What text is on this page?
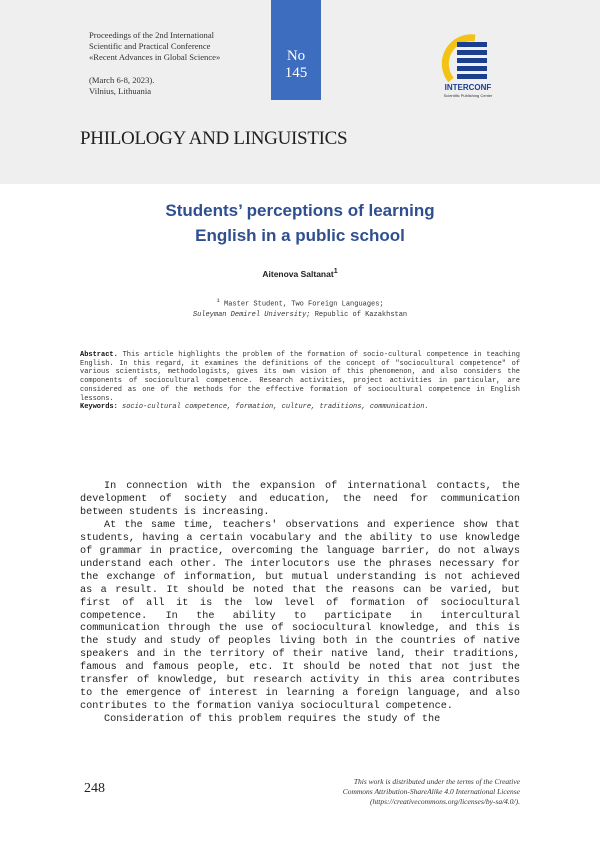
Proceedings of the 2nd International
Scientific and Practical Conference
«Recent Advances in Global Science»
(March 6-8, 2023).
Vilnius, Lithuania
No
145
INTERCONF
Scientific Publishing Center
PHILOLOGY AND LINGUISTICS
Students’ perceptions of learning
English in a public school
Aitenova Saltanat$^1$
$^1$ Master Student, Two Foreign Languages;
Suleyman Demirel University; Republic of Kazakhstan
Abstract. This article highlights the problem of the formation of socio-cultural competence in teaching English. In this regard, it examines the definitions of the concept of "sociocultural competence" of various scientists, methodologists, gives its own vision of this phenomenon, and also considers the components of sociocultural competence. Research activities, project activities in particular, are considered as one of the methods for the effective formation of sociocultural competence in English lessons.
Keywords: socio-cultural competence, formation, culture, traditions, communication.

In connection with the expansion of international contacts, the development of society and education, the need for communication between students is increasing.

At the same time, teachers' observations and experience show that students, having a certain vocabulary and the ability to use knowledge of grammar in practice, overcoming the language barrier, do not always understand each other. The interlocutors use the phrases necessary for the exchange of information, but mutual understanding is not achieved as a result. It should be noted that the reasons can be varied, but first of all it is the low level of formation of sociocultural competence. In the ability to participate in intercultural communication through the use of sociocultural knowledge, and this is the study and study of peoples living both in the countries of native speakers and in the territory of their native land, their traditions, famous and famous people, etc. It should be noted that not just the transfer of knowledge, but research activity in this area contributes to the emergence of interest in learning a foreign language, and also contributes to the formation vaniya sociocultural competence.

Consideration of this problem requires the study of the

248	This work is distributed under the terms of the Creative
Commons Attribution-ShareAlike 4.0 International License
(https://creativecommons.org/licenses/by-sa/4.0/).
